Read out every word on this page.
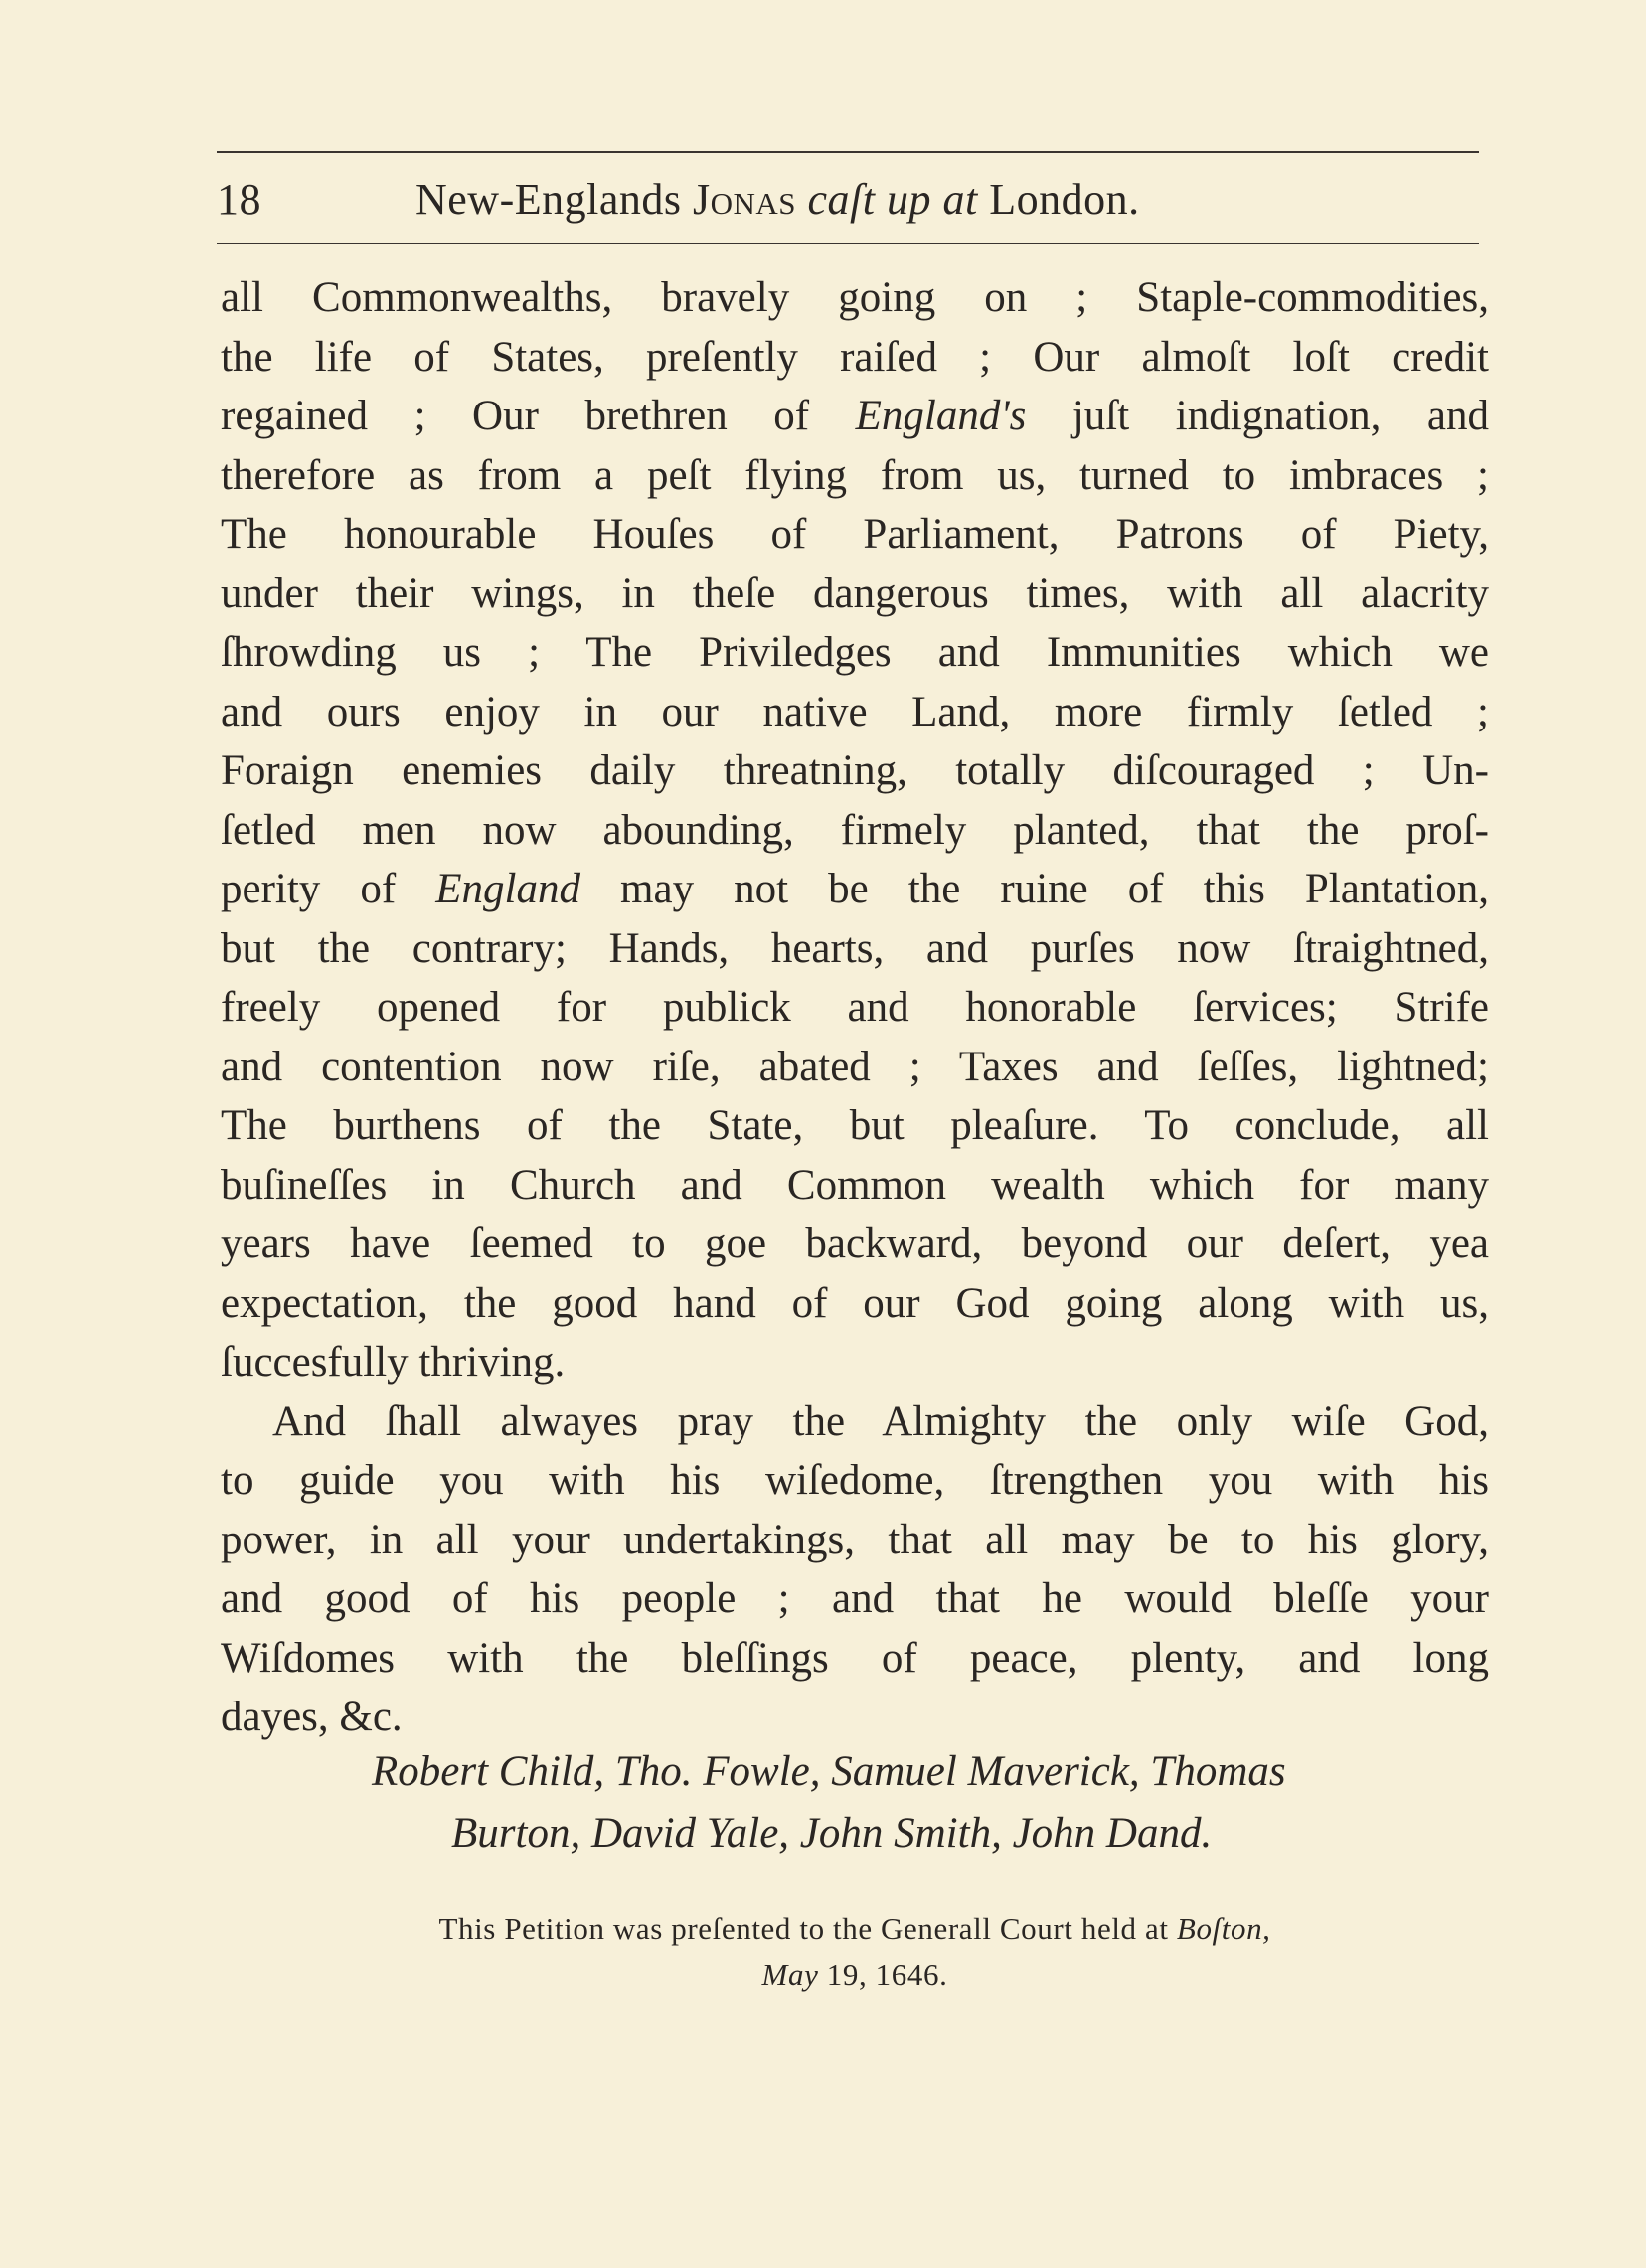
18	New-Englands Jonas caſt up at London.
all Commonwealths, bravely going on ; Staple-commodities,
the life of States, preſently raiſed ; Our almoſt loſt credit
regained ; Our brethren of England's juſt indignation, and
therefore as from a peſt flying from us, turned to imbraces ;
The honourable Houſes of Parliament, Patrons of Piety,
under their wings, in theſe dangerous times, with all alacrity
ſhrowding us ; The Priviledges and Immunities which we
and ours enjoy in our native Land, more firmly ſetled ;
Foraign enemies daily threatning, totally diſcouraged ; Un-
ſetled men now abounding, firmely planted, that the proſ-
perity of England may not be the ruine of this Plantation,
but the contrary; Hands, hearts, and purſes now ſtraightned,
freely opened for publick and honorable ſervices; Strife
and contention now riſe, abated ; Taxes and ſeſſes, lightned;
The burthens of the State, but pleaſure. To conclude, all
buſineſſes in Church and Common wealth which for many
years have ſeemed to goe backward, beyond our deſert, yea
expectation, the good hand of our God going along with us,
ſuccesfully thriving.
And ſhall alwayes pray the Almighty the only wiſe God,
to guide you with his wiſedome, ſtrengthen you with his
power, in all your undertakings, that all may be to his glory,
and good of his people ; and that he would bleſſe your
Wiſdomes with the bleſſings of peace, plenty, and long
dayes, &c.
Robert Child, Tho. Fowle, Samuel Maverick, Thomas
Burton, David Yale, John Smith, John Dand.
This Petition was preſented to the Generall Court held at Boſton,
May 19, 1646.
